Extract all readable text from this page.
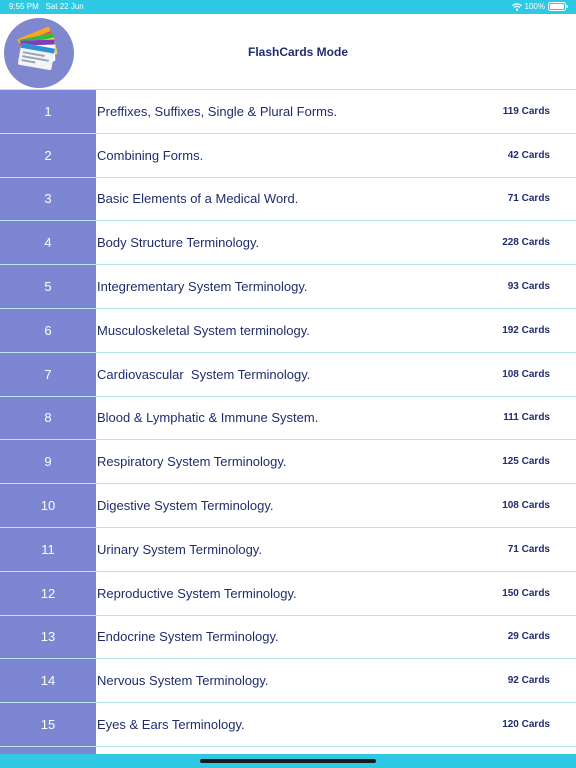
9:55 PM   Sat 22 Jun	100%
FlashCards Mode
1	Preffixes, Suffixes, Single & Plural Forms.	119 Cards
2	Combining Forms.	42 Cards
3	Basic Elements of a Medical Word.	71 Cards
4	Body Structure Terminology.	228 Cards
5	Integrementary System Terminology.	93 Cards
6	Musculoskeletal System terminology.	192 Cards
7	Cardiovascular  System Terminology.	108 Cards
8	Blood & Lymphatic & Immune System.	111 Cards
9	Respiratory System Terminology.	125 Cards
10	Digestive System Terminology.	108 Cards
11	Urinary System Terminology.	71 Cards
12	Reproductive System Terminology.	150 Cards
13	Endocrine System Terminology.	29 Cards
14	Nervous System Terminology.	92 Cards
15	Eyes & Ears Terminology.	120 Cards
